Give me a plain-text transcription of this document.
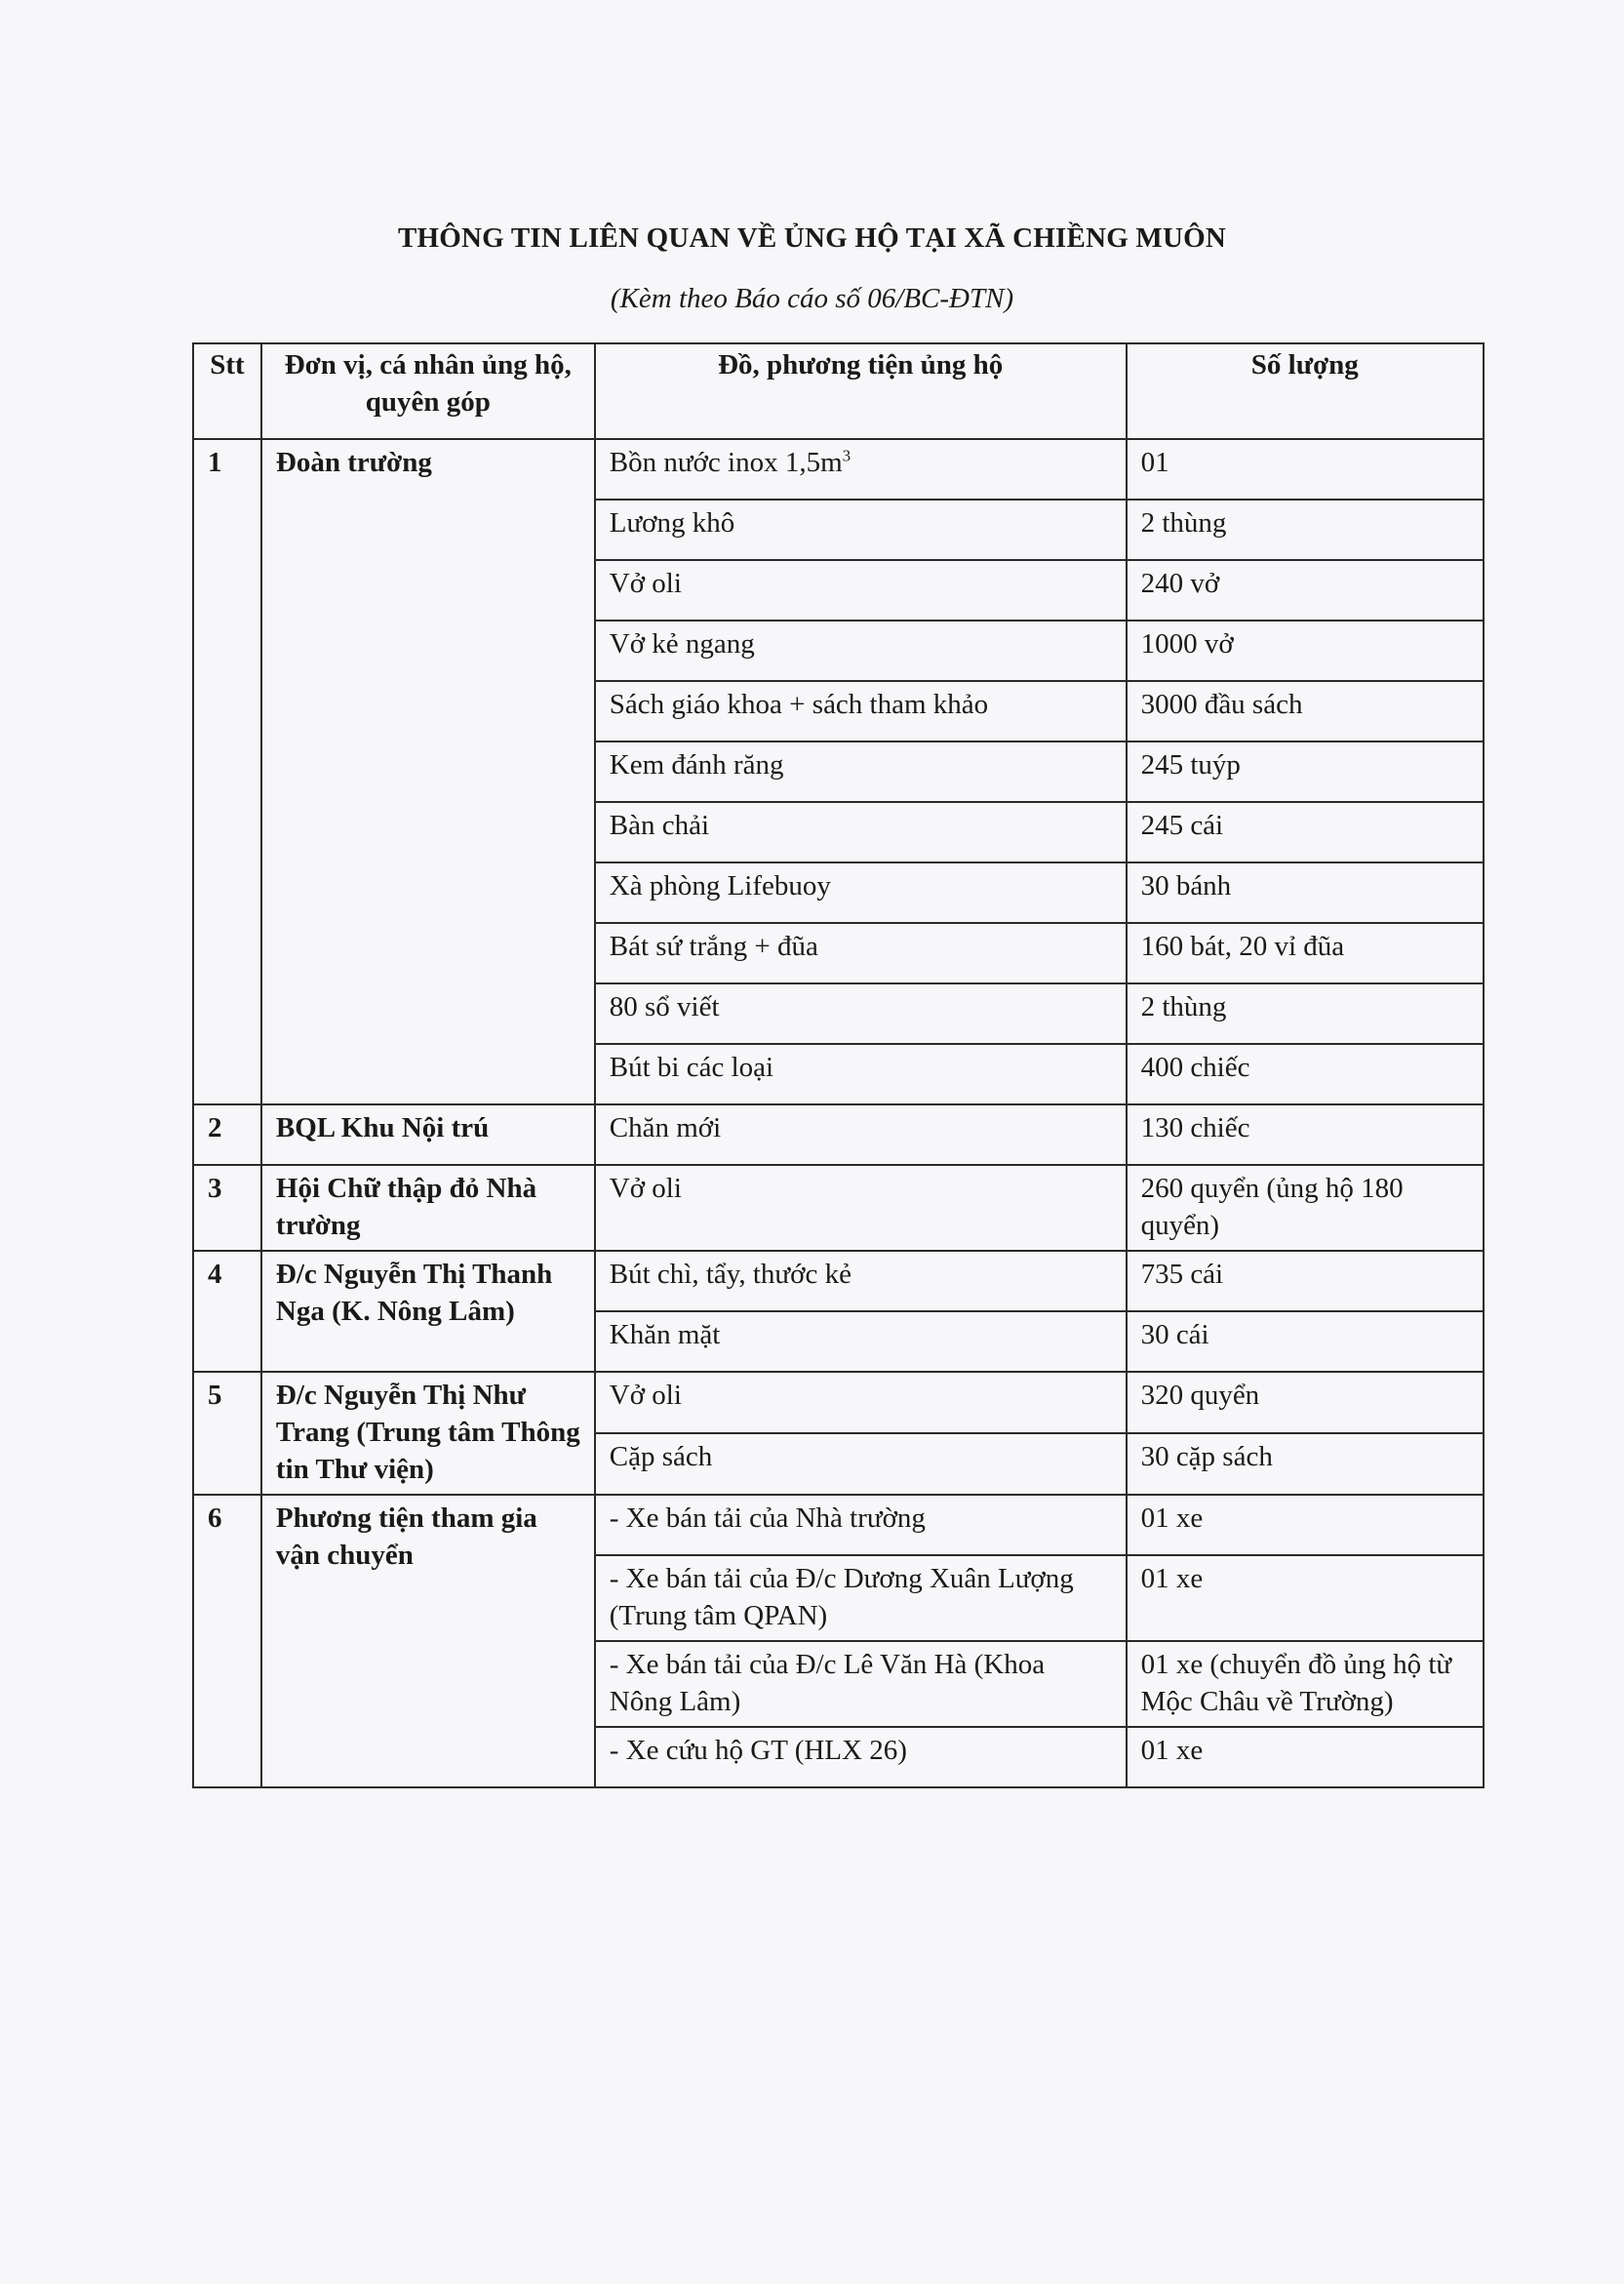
THÔNG TIN LIÊN QUAN VỀ ỦNG HỘ TẠI XÃ CHIỀNG MUÔN

(Kèm theo Báo cáo số 06/BC-ĐTN)

Stt	Đơn vị, cá nhân ủng hộ, quyên góp	Đồ, phương tiện ủng hộ	Số lượng
1	Đoàn trường	Bồn nước inox $1,5m^3$	01
		Lương khô	2 thùng
		Vở oli	240 vở
		Vở kẻ ngang	1000 vở
		Sách giáo khoa + sách tham khảo	3000 đầu sách
		Kem đánh răng	245 tuýp
		Bàn chải	245 cái
		Xà phòng Lifebuoy	30 bánh
		Bát sứ trắng + đũa	160 bát, 20 vỉ đũa
		80 sổ viết	2 thùng
		Bút bi các loại	400 chiếc
2	BQL Khu Nội trú	Chăn mới	130 chiếc
3	Hội Chữ thập đỏ Nhà trường	Vở oli	260 quyển (ủng hộ 180 quyển)
4	Đ/c Nguyễn Thị Thanh Nga (K. Nông Lâm)	Bút chì, tẩy, thước kẻ	735 cái
		Khăn mặt	30 cái
5	Đ/c Nguyễn Thị Như Trang (Trung tâm Thông tin Thư viện)	Vở oli	320 quyển
		Cặp sách	30 cặp sách
6	Phương tiện tham gia vận chuyển	- Xe bán tải của Nhà trường	01 xe
		- Xe bán tải của Đ/c Dương Xuân Lượng (Trung tâm QPAN)	01 xe
		- Xe bán tải của Đ/c Lê Văn Hà (Khoa Nông Lâm)	01 xe (chuyển đồ ủng hộ từ Mộc Châu về Trường)
		- Xe cứu hộ GT (HLX 26)	01 xe
